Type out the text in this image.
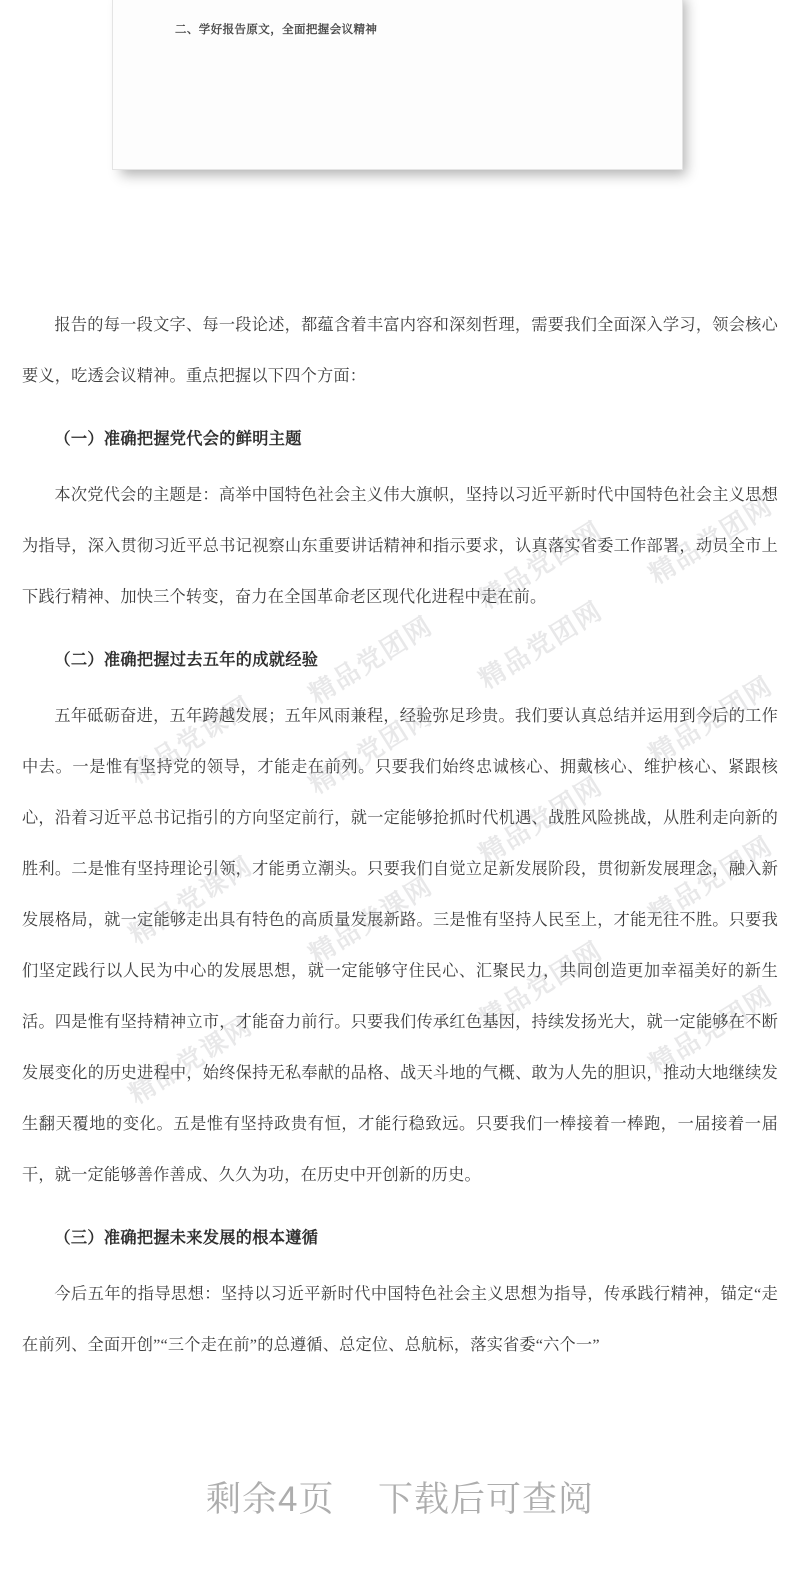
二、学好报告原文，全面把握会议精神

报告的每一段文字、每一段论述，都蕴含着丰富内容和深刻哲理，需要我们全面深入学习，领会核心要义，吃透会议精神。重点把握以下四个方面：

（一）准确把握党代会的鲜明主题

本次党代会的主题是：高举中国特色社会主义伟大旗帜，坚持以习近平新时代中国特色社会主义思想为指导，深入贯彻习近平总书记视察山东重要讲话精神和指示要求，认真落实省委工作部署，动员全市上下践行精神、加快三个转变，奋力在全国革命老区现代化进程中走在前。

（二）准确把握过去五年的成就经验

五年砥砺奋进，五年跨越发展；五年风雨兼程，经验弥足珍贵。我们要认真总结并运用到今后的工作中去。一是惟有坚持党的领导，才能走在前列。只要我们始终忠诚核心、拥戴核心、维护核心、紧跟核心，沿着习近平总书记指引的方向坚定前行，就一定能够抢抓时代机遇、战胜风险挑战，从胜利走向新的胜利。二是惟有坚持理论引领，才能勇立潮头。只要我们自觉立足新发展阶段，贯彻新发展理念，融入新发展格局，就一定能够走出具有特色的高质量发展新路。三是惟有坚持人民至上，才能无往不胜。只要我们坚定践行以人民为中心的发展思想，就一定能够守住民心、汇聚民力，共同创造更加幸福美好的新生活。四是惟有坚持精神立市，才能奋力前行。只要我们传承红色基因，持续发扬光大，就一定能够在不断发展变化的历史进程中，始终保持无私奉献的品格、战天斗地的气概、敢为人先的胆识，推动大地继续发生翻天覆地的变化。五是惟有坚持政贵有恒，才能行稳致远。只要我们一棒接着一棒跑，一届接着一届干，就一定能够善作善成、久久为功，在历史中开创新的历史。

（三）准确把握未来发展的根本遵循

今后五年的指导思想：坚持以习近平新时代中国特色社会主义思想为指导，传承践行精神，锚定“走在前列、全面开创”“三个走在前”的总遵循、总定位、总航标，落实省委“六个一”

精品党团网 精品党团网
精品党团网 精品党团网
精品党课网 精品党团网	精品党团网
精品党课网
精品党团网
精品党团网
精品党课网
精品党团网
精品党课网
精品党团网
剩余4页 下载后可查阅
